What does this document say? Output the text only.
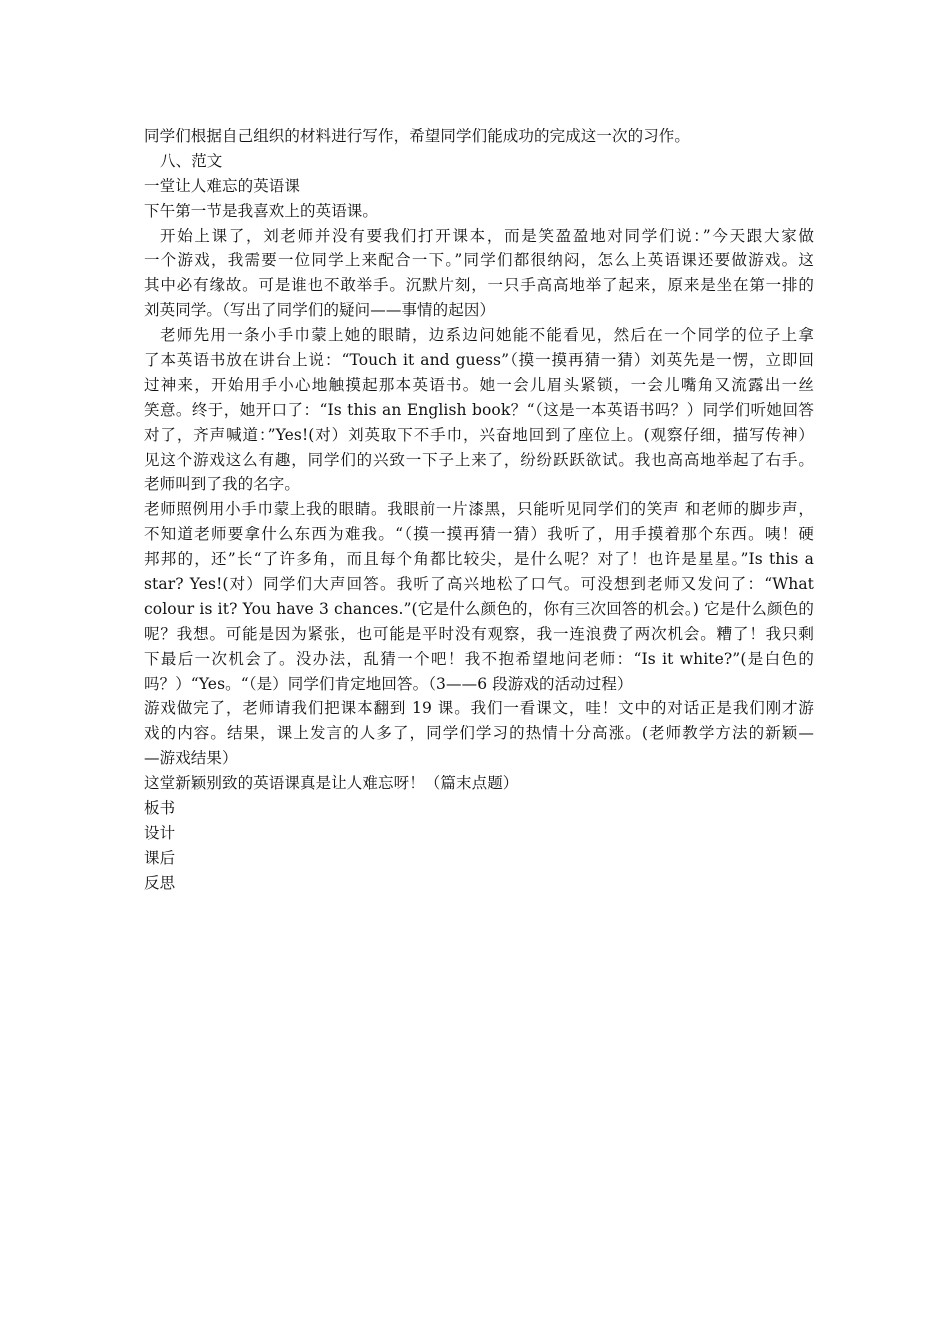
同学们根据自己组织的材料进行写作，希望同学们能成功的完成这一次的习作。
八、范文
一堂让人难忘的英语课
下午第一节是我喜欢上的英语课。
开始上课了，刘老师并没有要我们打开课本，而是笑盈盈地对同学们说：”今天跟大家做
一个游戏，我需要一位同学上来配合一下。”同学们都很纳闷，怎么上英语课还要做游戏。这
其中必有缘故。可是谁也不敢举手。沉默片刻，一只手高高地举了起来，原来是坐在第一排的
刘英同学。（写出了同学们的疑问——事情的起因）
老师先用一条小手巾蒙上她的眼睛，边系边问她能不能看见，然后在一个同学的位子上拿
了本英语书放在讲台上说：“Touch it and guess”（摸一摸再猜一猜）刘英先是一愣，立即回
过神来，开始用手小心地触摸起那本英语书。她一会儿眉头紧锁，一会儿嘴角又流露出一丝
笑意。终于，她开口了：“Is this an English book？“（这是一本英语书吗？）同学们听她回答
对了，齐声喊道：”Yes!(对）刘英取下不手巾，兴奋地回到了座位上。(观察仔细，描写传神）
见这个游戏这么有趣，同学们的兴致一下子上来了，纷纷跃跃欲试。我也高高地举起了右手。
老师叫到了我的名字。
老师照例用小手巾蒙上我的眼睛。我眼前一片漆黑，只能听见同学们的笑声 和老师的脚步声，
不知道老师要拿什么东西为难我。“（摸一摸再猜一猜）我听了，用手摸着那个东西。咦！硬
邦邦的，还”长“了许多角，而且每个角都比较尖，是什么呢？对了！也许是星星。”Is this a
star? Yes!(对）同学们大声回答。我听了高兴地松了口气。可没想到老师又发问了：“What
colour is it? You have 3 chances.”(它是什么颜色的，你有三次回答的机会。) 它是什么颜色的
呢？我想。可能是因为紧张，也可能是平时没有观察，我一连浪费了两次机会。糟了！我只剩
下最后一次机会了。没办法，乱猜一个吧！我不抱希望地问老师：“Is it white?”(是白色的
吗？）“Yes。“（是）同学们肯定地回答。（3——6 段游戏的活动过程）
游戏做完了，老师请我们把课本翻到 19 课。我们一看课文，哇！文中的对话正是我们刚才游
戏的内容。结果，课上发言的人多了，同学们学习的热情十分高涨。(老师教学方法的新颖—
—游戏结果）
这堂新颖别致的英语课真是让人难忘呀！（篇末点题）
板书
设计
课后
反思
